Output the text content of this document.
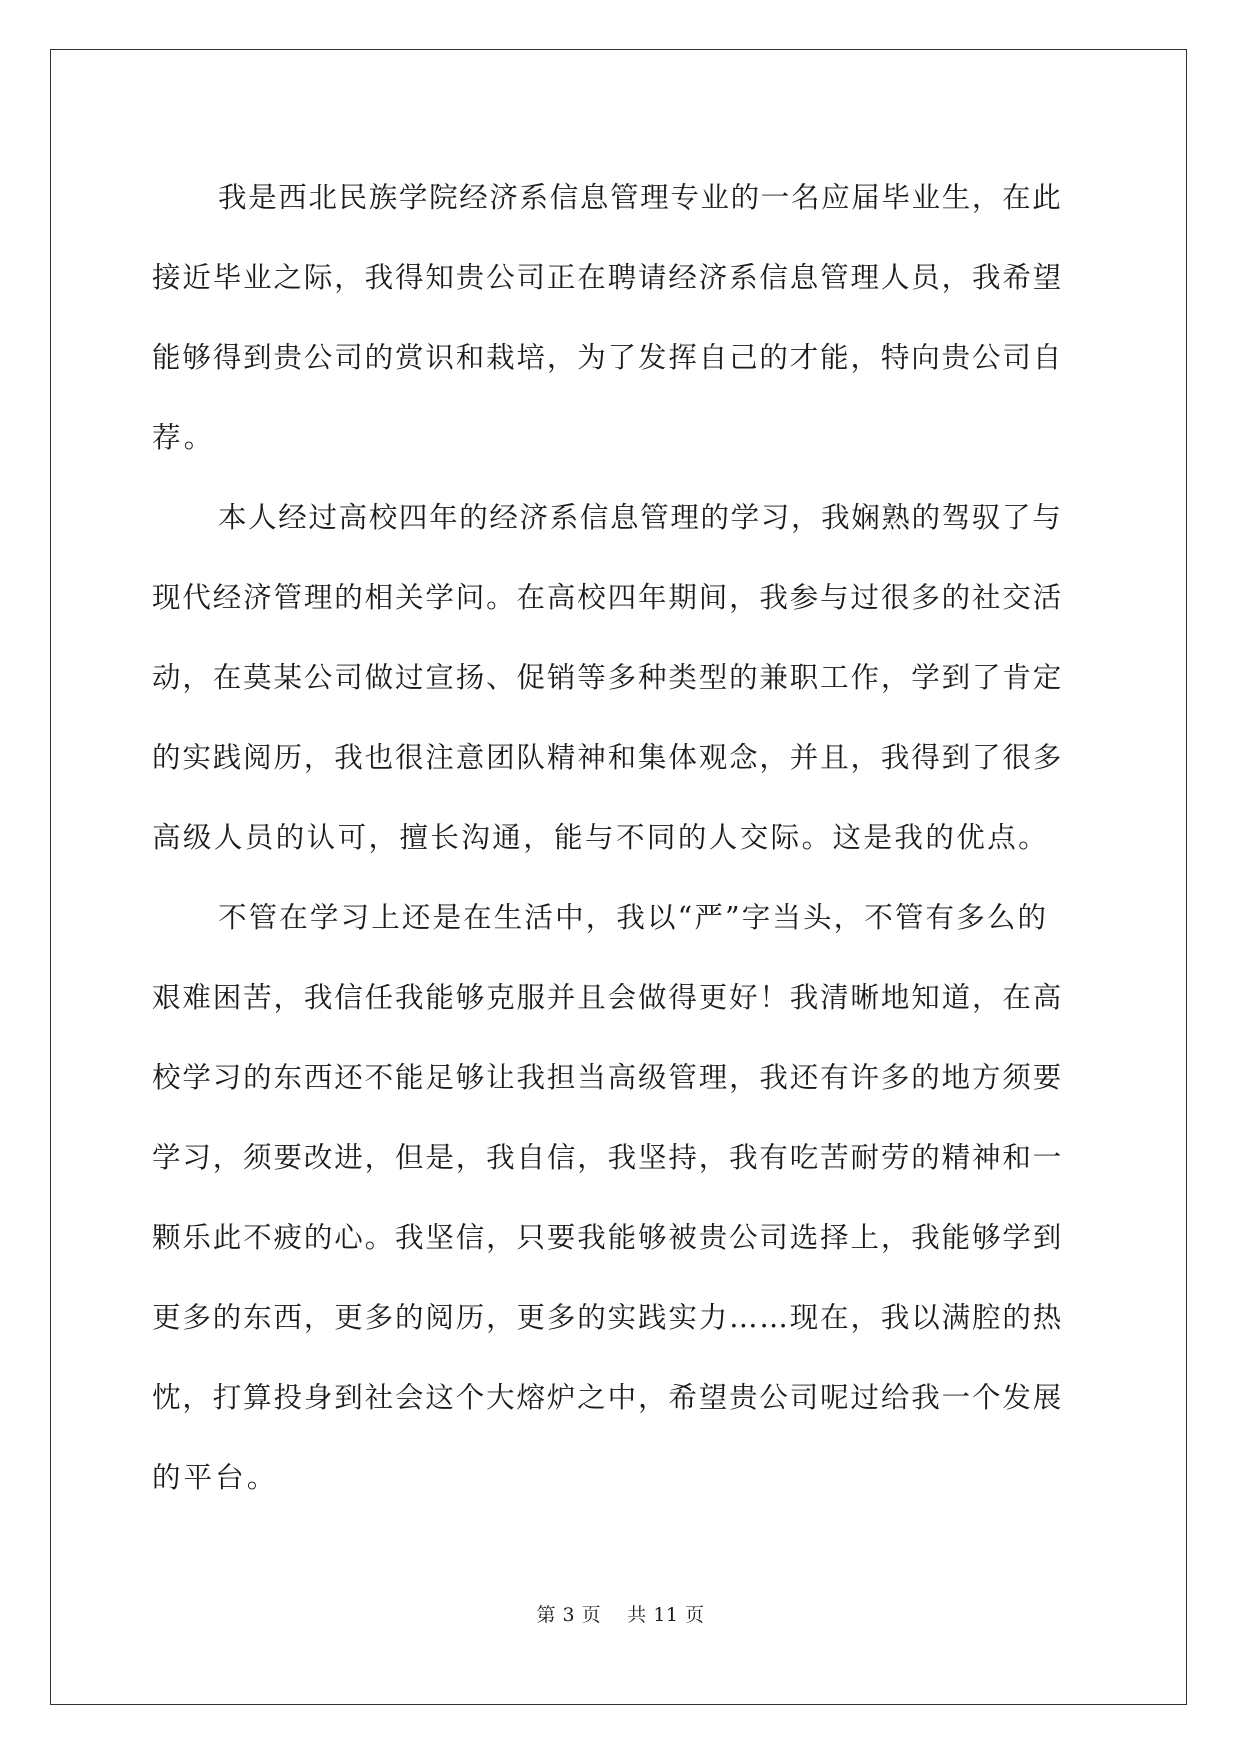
我是西北民族学院经济系信息管理专业的一名应届毕业生，在此
接近毕业之际，我得知贵公司正在聘请经济系信息管理人员，我希望
能够得到贵公司的赏识和栽培，为了发挥自己的才能，特向贵公司自
荐。
本人经过高校四年的经济系信息管理的学习，我娴熟的驾驭了与
现代经济管理的相关学问。在高校四年期间，我参与过很多的社交活
动，在莫某公司做过宣扬、促销等多种类型的兼职工作，学到了肯定
的实践阅历，我也很注意团队精神和集体观念，并且，我得到了很多
高级人员的认可，擅长沟通，能与不同的人交际。这是我的优点。
不管在学习上还是在生活中，我以“严”字当头，不管有多么的
艰难困苦，我信任我能够克服并且会做得更好！我清晰地知道，在高
校学习的东西还不能足够让我担当高级管理，我还有许多的地方须要
学习，须要改进，但是，我自信，我坚持，我有吃苦耐劳的精神和一
颗乐此不疲的心。我坚信，只要我能够被贵公司选择上，我能够学到
更多的东西，更多的阅历，更多的实践实力……现在，我以满腔的热
忱，打算投身到社会这个大熔炉之中，希望贵公司呢过给我一个发展
的平台。
第 3 页 共 11 页
